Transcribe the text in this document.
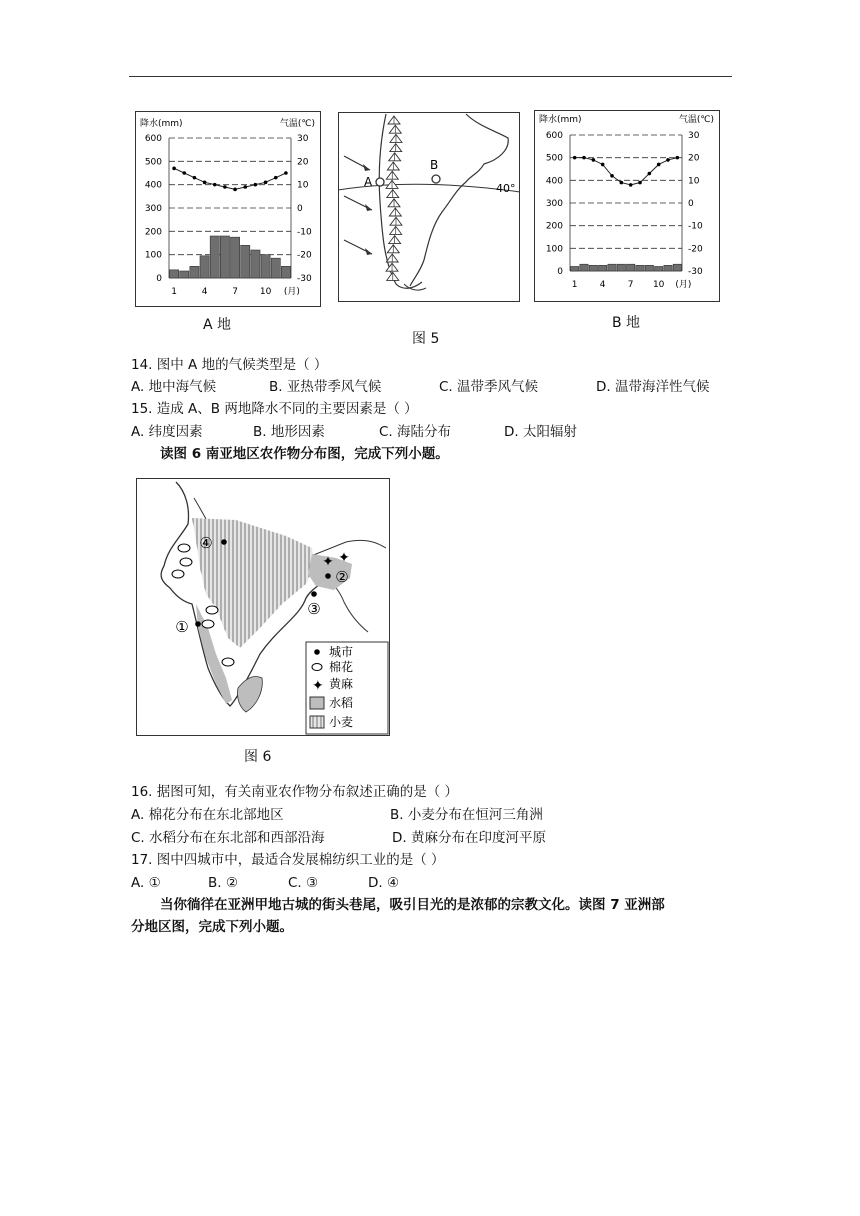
降水(mm)	气温(℃)
600
500
400
300
200
100
0
30
20
10
0
-10
-20
-30
1	4	7 10 (月)
A 地
40°
A
B
图 5
降水(mm)	气温(℃)
600
500
400
300
200
100
0
30
20
10
0
-10
-20
-30
1 4 7 10 (月)
B 地
14. 图中 A 地的气候类型是（ ）
A. 地中海气候	B. 亚热带季风气候	C. 温带季风气候	D. 温带海洋性气候
15. 造成 A、B 两地降水不同的主要因素是（ ）
A. 纬度因素	B. 地形因素	C. 海陆分布	D. 太阳辐射
读图 6 南亚地区农作物分布图，完成下列小题。
✦ ✦
①
②
③
④
✦
城市
棉花
黄麻
水稻
小麦
图 6
16. 据图可知，有关南亚农作物分布叙述正确的是（ ）
A. 棉花分布在东北部地区	B. 小麦分布在恒河三角洲
C. 水稻分布在东北部和西部沿海	D. 黄麻分布在印度河平原
17. 图中四城市中，最适合发展棉纺织工业的是（ ）
A. ①	B. ②	C. ③	D. ④
当你徜徉在亚洲甲地古城的街头巷尾，吸引目光的是浓郁的宗教文化。读图 7 亚洲部
分地区图，完成下列小题。
